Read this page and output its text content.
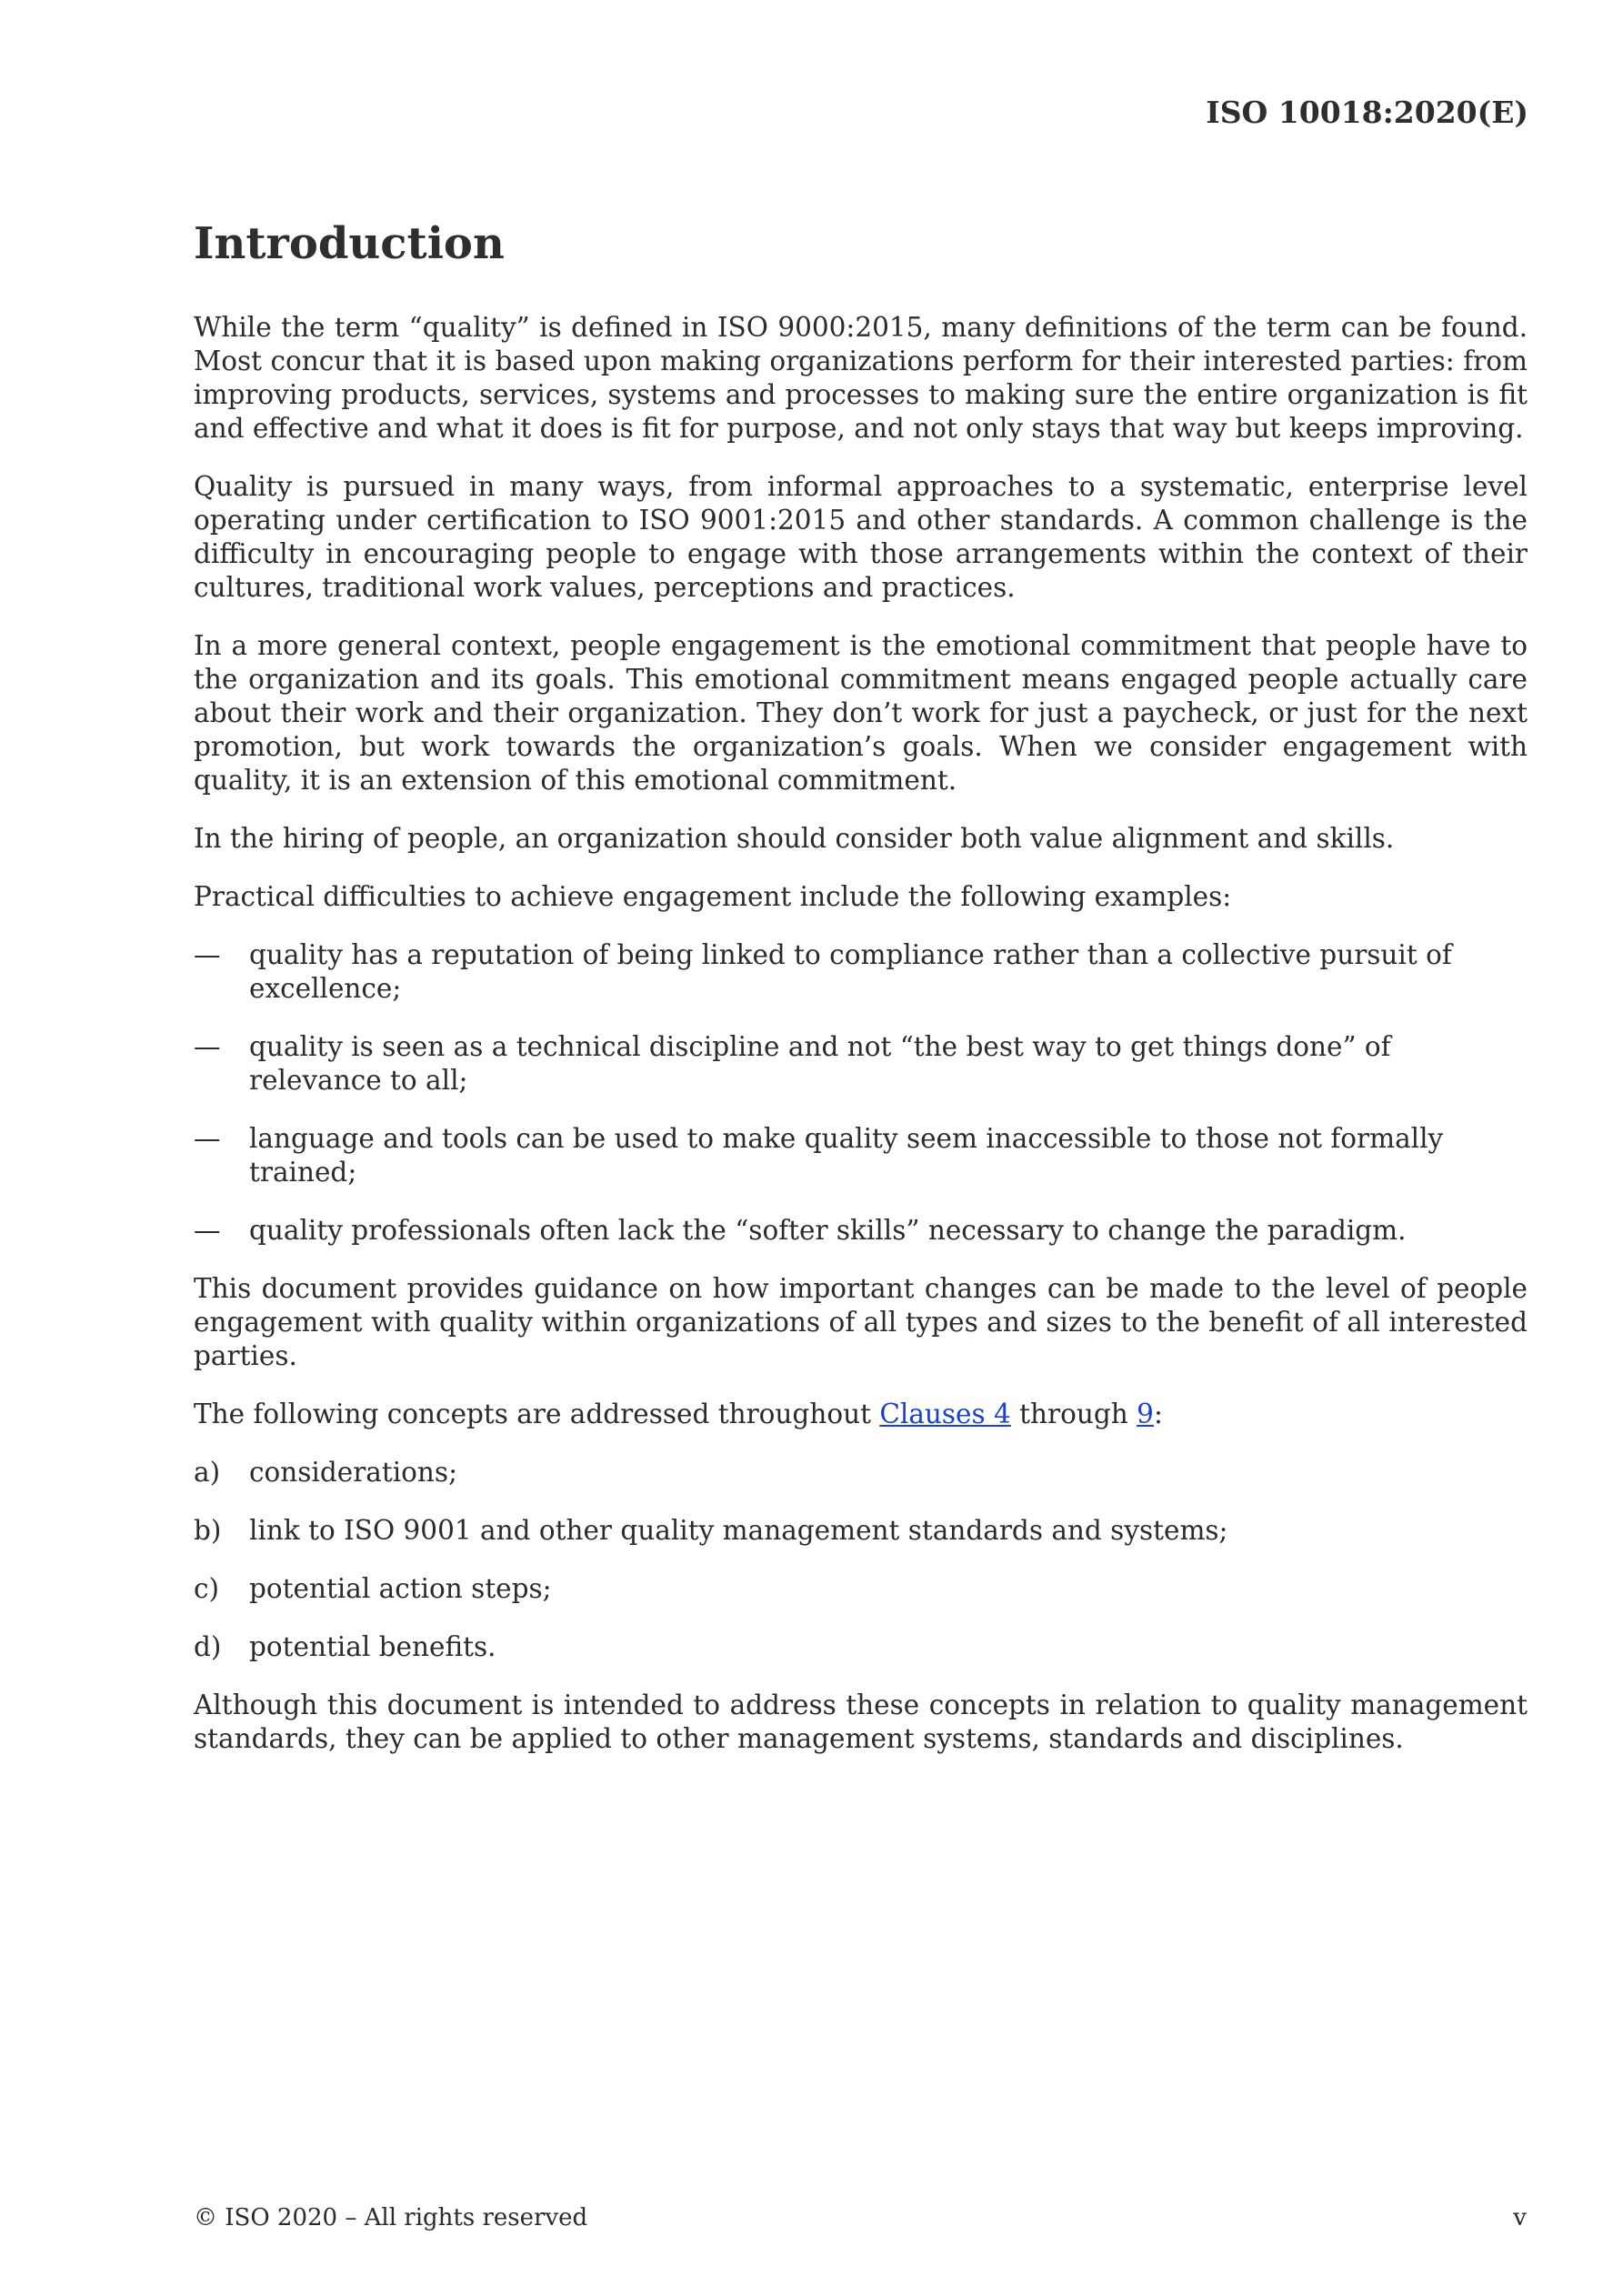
ISO 10018:2020(E)
Introduction

While the term “quality” is defined in ISO 9000:2015, many definitions of the term can be found. Most concur that it is based upon making organizations perform for their interested parties: from improving products, services, systems and processes to making sure the entire organization is fit and effective and what it does is fit for purpose, and not only stays that way but keeps improving.

Quality is pursued in many ways, from informal approaches to a systematic, enterprise level operating under certification to ISO 9001:2015 and other standards. A common challenge is the difficulty in encouraging people to engage with those arrangements within the context of their cultures, traditional work values, perceptions and practices.

In a more general context, people engagement is the emotional commitment that people have to the organization and its goals. This emotional commitment means engaged people actually care about their work and their organization. They don’t work for just a paycheck, or just for the next promotion, but work towards the organization’s goals. When we consider engagement with quality, it is an extension of this emotional commitment.

In the hiring of people, an organization should consider both value alignment and skills.

Practical difficulties to achieve engagement include the following examples:

—	quality has a reputation of being linked to compliance rather than a collective pursuit of excellence;
—	quality is seen as a technical discipline and not “the best way to get things done” of relevance to all;
—	language and tools can be used to make quality seem inaccessible to those not formally trained;
—	quality professionals often lack the “softer skills” necessary to change the paradigm.

This document provides guidance on how important changes can be made to the level of people engagement with quality within organizations of all types and sizes to the benefit of all interested parties.

The following concepts are addressed throughout Clauses 4 through 9:

a)	considerations;
b)	link to ISO 9001 and other quality management standards and systems;
c)	potential action steps;
d)	potential benefits.

Although this document is intended to address these concepts in relation to quality management standards, they can be applied to other management systems, standards and disciplines.

© ISO 2020 – All rights reserved	v
